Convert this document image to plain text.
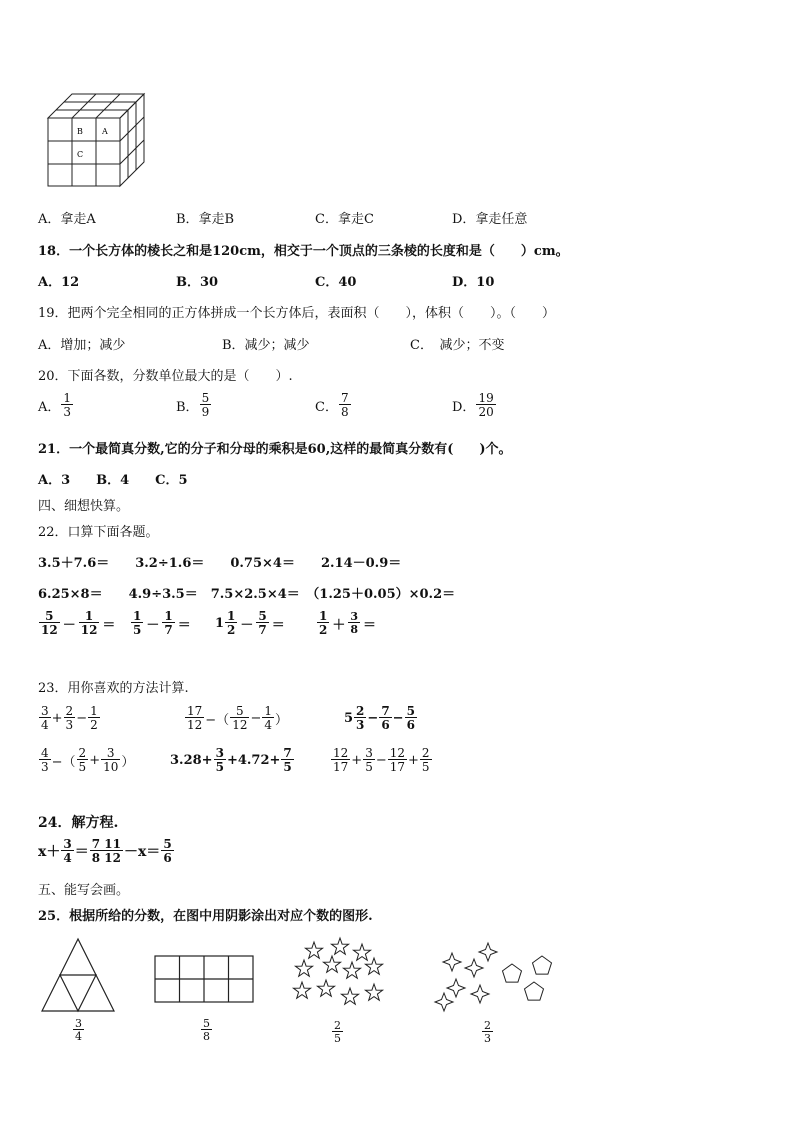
B A
C
A．拿走A	B．拿走B	C．拿走C	D．拿走任意
18．一个长方体的棱长之和是120cm，相交于一个顶点的三条棱的长度和是（　　）cm。
A．12	B．30	C．40	D．10
19．把两个完全相同的正方体拼成一个长方体后，表面积（　　），体积（　　）。（　　）
A．增加；减少	B．减少；减少	C．　减少；不变
20．下面各数，分数单位最大的是（　　）.
A． $\frac{1}{3}$	B． $\frac{5}{9}$	C． $\frac{7}{8}$	D． $\frac{19}{20}$
21．一个最简真分数,它的分子和分母的乘积是60,这样的最简真分数有(　　)个。
A．3　　B．4　　C．5
四、细想快算。
22．口算下面各题。
3.5＋7.6＝　　3.2÷1.6＝　　0.75×4＝　　2.14－0.9＝
6.25×8＝　　4.9÷3.5＝　7.5×2.5×4＝　（1.25＋0.05）×0.2＝
$\frac{5}{12} - \frac{1}{12} = \frac{1}{5} - \frac{1}{7} = 1 \frac{1}{2} - \frac{5}{7}$ ＝	$\frac{1}{2} + \frac{3}{8}$ ＝
23．用你喜欢的方法计算.
$\frac{3}{4} + \frac{2}{3} - \frac{1}{2}$	$\frac{17}{12}$ −（ $\frac{5}{12} - \frac{1}{4}$ ）	$5 \frac{2}{3} - \frac{7}{6} - \frac{5}{6}$
$\frac{4}{3}$ −（ $\frac{2}{5} + \frac{3}{10}$ ）	$3.28 + \frac{3}{5} +4.72+ \frac{7}{5}$	$\frac{12}{17} + \frac{3}{5} - \frac{12}{17} + \frac{2}{5}$
24．解方程.
$x+ \frac{3}{4} = \frac{7 11}{8 12} -x= \frac{5}{6}$
五、能写会画。
25．根据所给的分数，在图中用阴影涂出对应个数的图形.
$\frac{3}{4}$	$\frac{5}{8}$	$\frac{2}{5}$	$\frac{2}{3}$
